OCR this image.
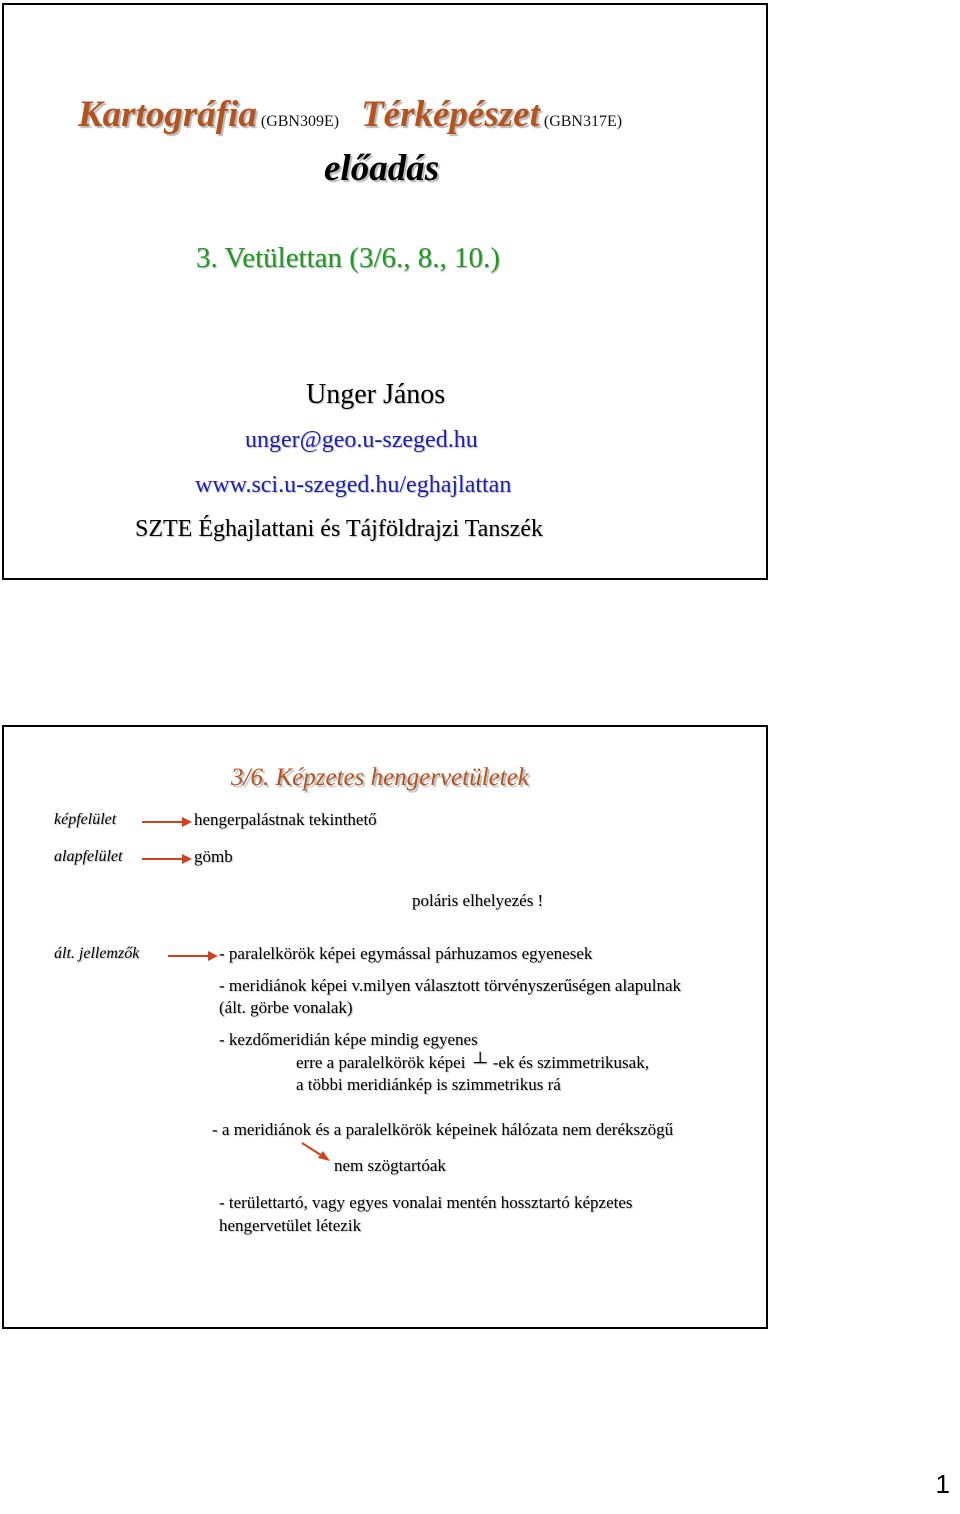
Kartográfia (GBN309E) Térképészet (GBN317E)
előadás
3. Vetülettan (3/6., 8., 10.)
Unger János
unger@geo.u-szeged.hu
www.sci.u-szeged.hu/eghajlattan
SZTE Éghajlattani és Tájföldrajzi Tanszék
3/6. Képzetes hengervetületek
képfelület	hengerpalástnak tekinthető
alapfelület	gömb
poláris elhelyezés !
ált. jellemzők	- paralelkörök képei egymással párhuzamos egyenesek
- meridiánok képei v.milyen választott törvényszerűségen alapulnak
(ált. görbe vonalak)
- kezdőmeridián képe mindig egyenes
erre a paralelkörök képei ┴ -ek és szimmetrikusak,
a többi meridiánkép is szimmetrikus rá
- a meridiánok és a paralelkörök képeinek hálózata nem derékszögű
nem szögtartóak
- területtartó, vagy egyes vonalai mentén hossztartó képzetes
hengervetület létezik
1
